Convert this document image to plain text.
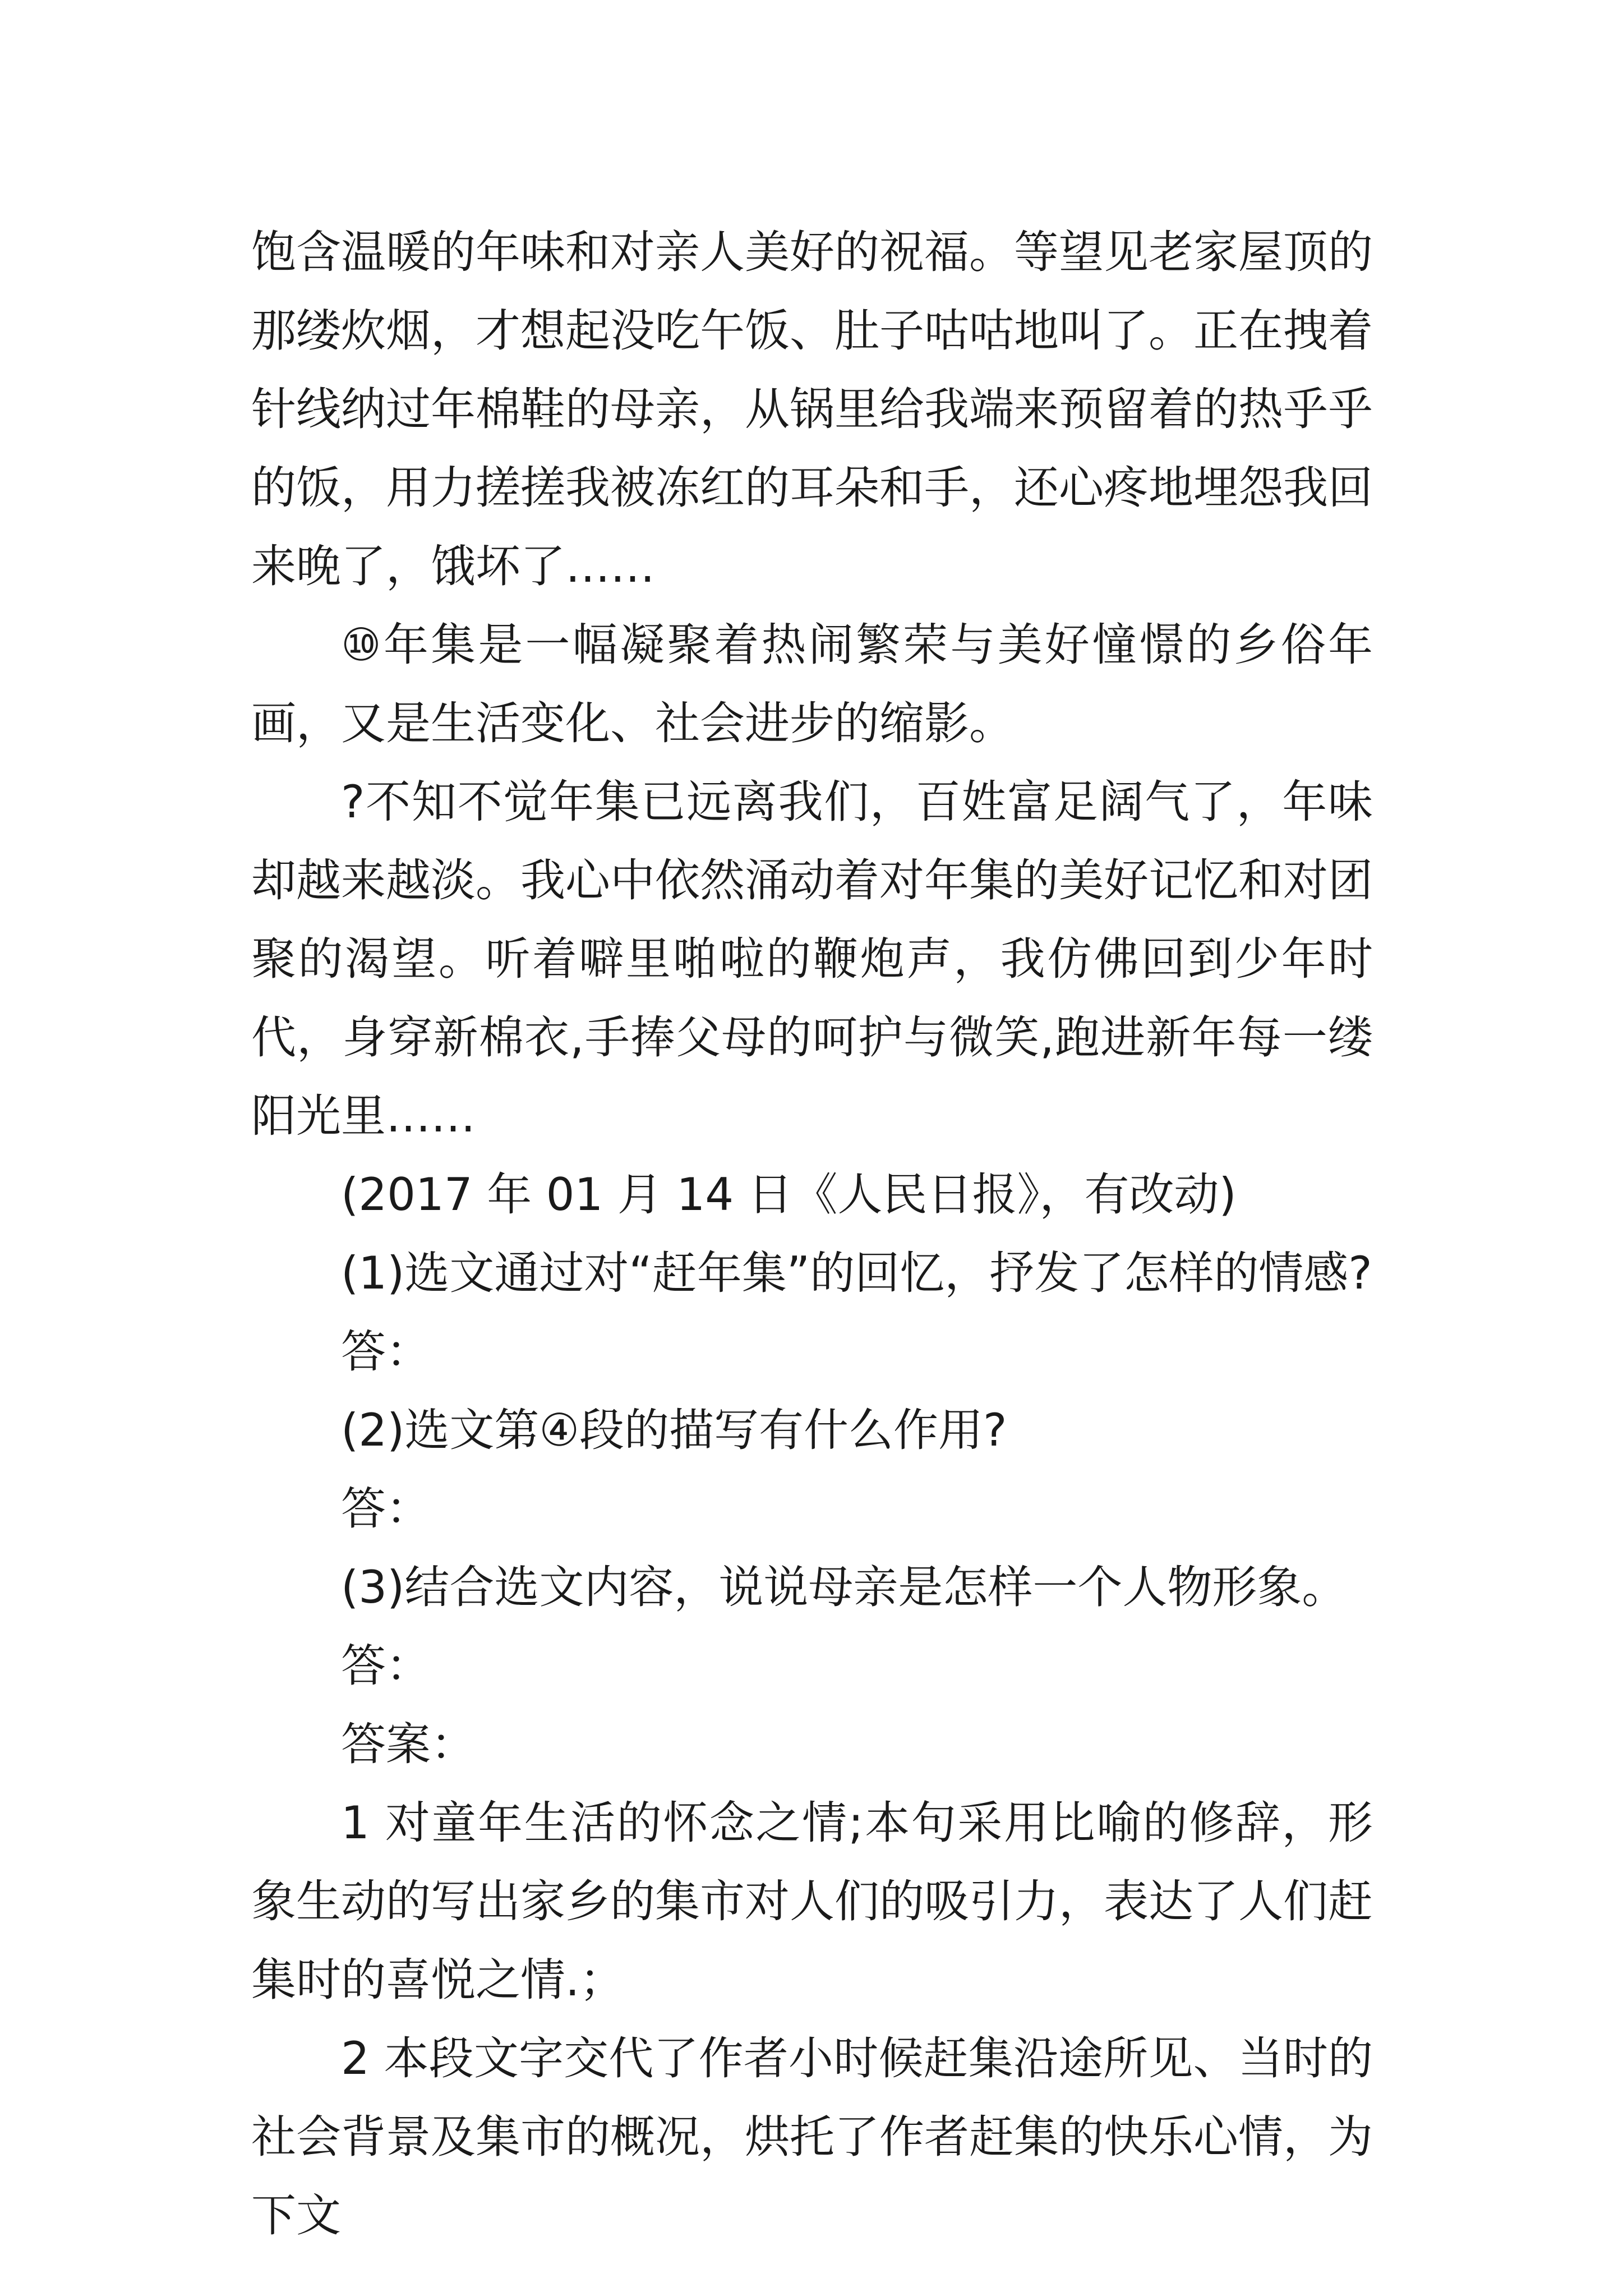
饱含温暖的年味和对亲人美好的祝福。等望见老家屋顶的那缕炊烟，才想起没吃午饭、肚子咕咕地叫了。正在拽着针线纳过年棉鞋的母亲，从锅里给我端来预留着的热乎乎的饭，用力搓搓我被冻红的耳朵和手，还心疼地埋怨我回来晚了，饿坏了……

⑩年集是一幅凝聚着热闹繁荣与美好憧憬的乡俗年画，又是生活变化、社会进步的缩影。

?不知不觉年集已远离我们，百姓富足阔气了，年味却越来越淡。我心中依然涌动着对年集的美好记忆和对团聚的渴望。听着噼里啪啦的鞭炮声，我仿佛回到少年时代，身穿新棉衣,手捧父母的呵护与微笑,跑进新年每一缕阳光里……

(2017 年 01 月 14 日《人民日报》，有改动)

(1)选文通过对“赶年集”的回忆，抒发了怎样的情感?

答：

(2)选文第④段的描写有什么作用?

答：

(3)结合选文内容，说说母亲是怎样一个人物形象。

答：

答案：

1 对童年生活的怀念之情;本句采用比喻的修辞，形象生动的写出家乡的集市对人们的吸引力，表达了人们赶集时的喜悦之情.；

2 本段文字交代了作者小时候赶集沿途所见、当时的社会背景及集市的概况，烘托了作者赶集的快乐心情，为下文
